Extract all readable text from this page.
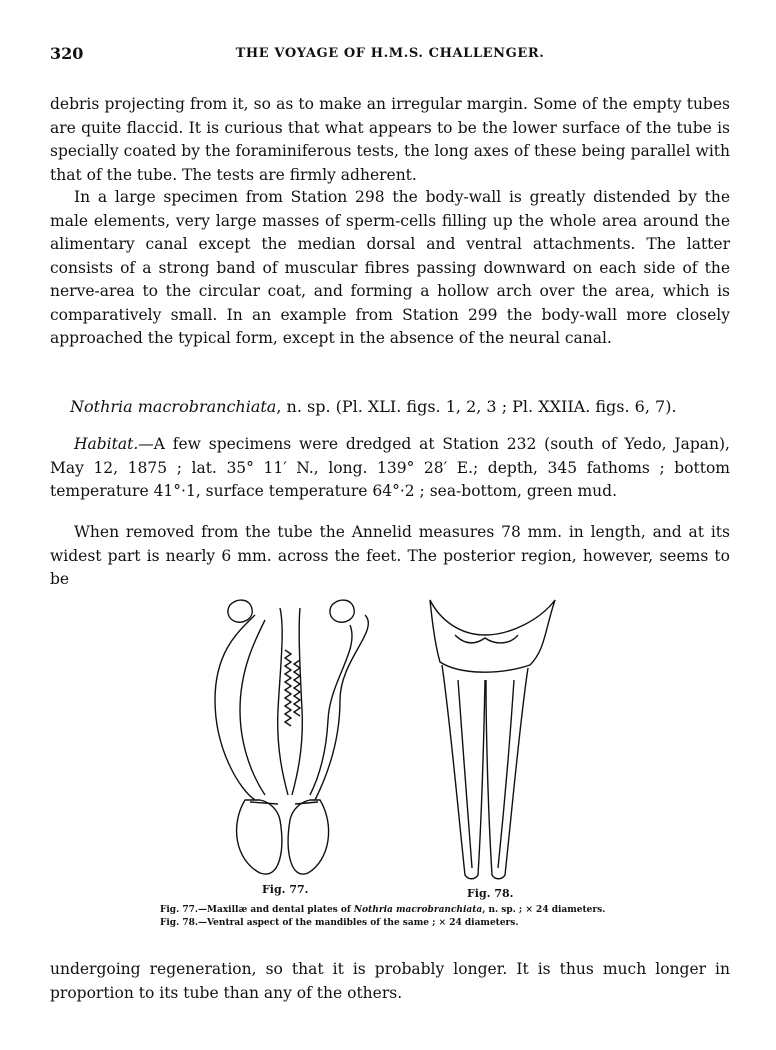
320	THE VOYAGE OF H.M.S. CHALLENGER.

debris projecting from it, so as to make an irregular margin. Some of the empty tubes are quite flaccid. It is curious that what appears to be the lower surface of the tube is specially coated by the foraminiferous tests, the long axes of these being parallel with that of the tube. The tests are firmly adherent.

In a large specimen from Station 298 the body-wall is greatly distended by the male elements, very large masses of sperm-cells filling up the whole area around the alimentary canal except the median dorsal and ventral attachments. The latter consists of a strong band of muscular fibres passing downward on each side of the nerve-area to the circular coat, and forming a hollow arch over the area, which is comparatively small. In an example from Station 299 the body-wall more closely approached the typical form, except in the absence of the neural canal.

Nothria macrobranchiata, n. sp. (Pl. XLI. figs. 1, 2, 3 ; Pl. XXIIA. figs. 6, 7).

Habitat.—A few specimens were dredged at Station 232 (south of Yedo, Japan), May 12, 1875 ; lat. 35° 11′ N., long. 139° 28′ E.; depth, 345 fathoms ; bottom temperature 41°·1, surface temperature 64°·2 ; sea-bottom, green mud.

When removed from the tube the Annelid measures 78 mm. in length, and at its widest part is nearly 6 mm. across the feet. The posterior region, however, seems to be

Fig. 77.	Fig. 78.
Fig. 77.—Maxillæ and dental plates of Nothria macrobranchiata, n. sp. ; × 24 diameters.
Fig. 78.—Ventral aspect of the mandibles of the same ; × 24 diameters.

undergoing regeneration, so that it is probably longer. It is thus much longer in proportion to its tube than any of the others.
